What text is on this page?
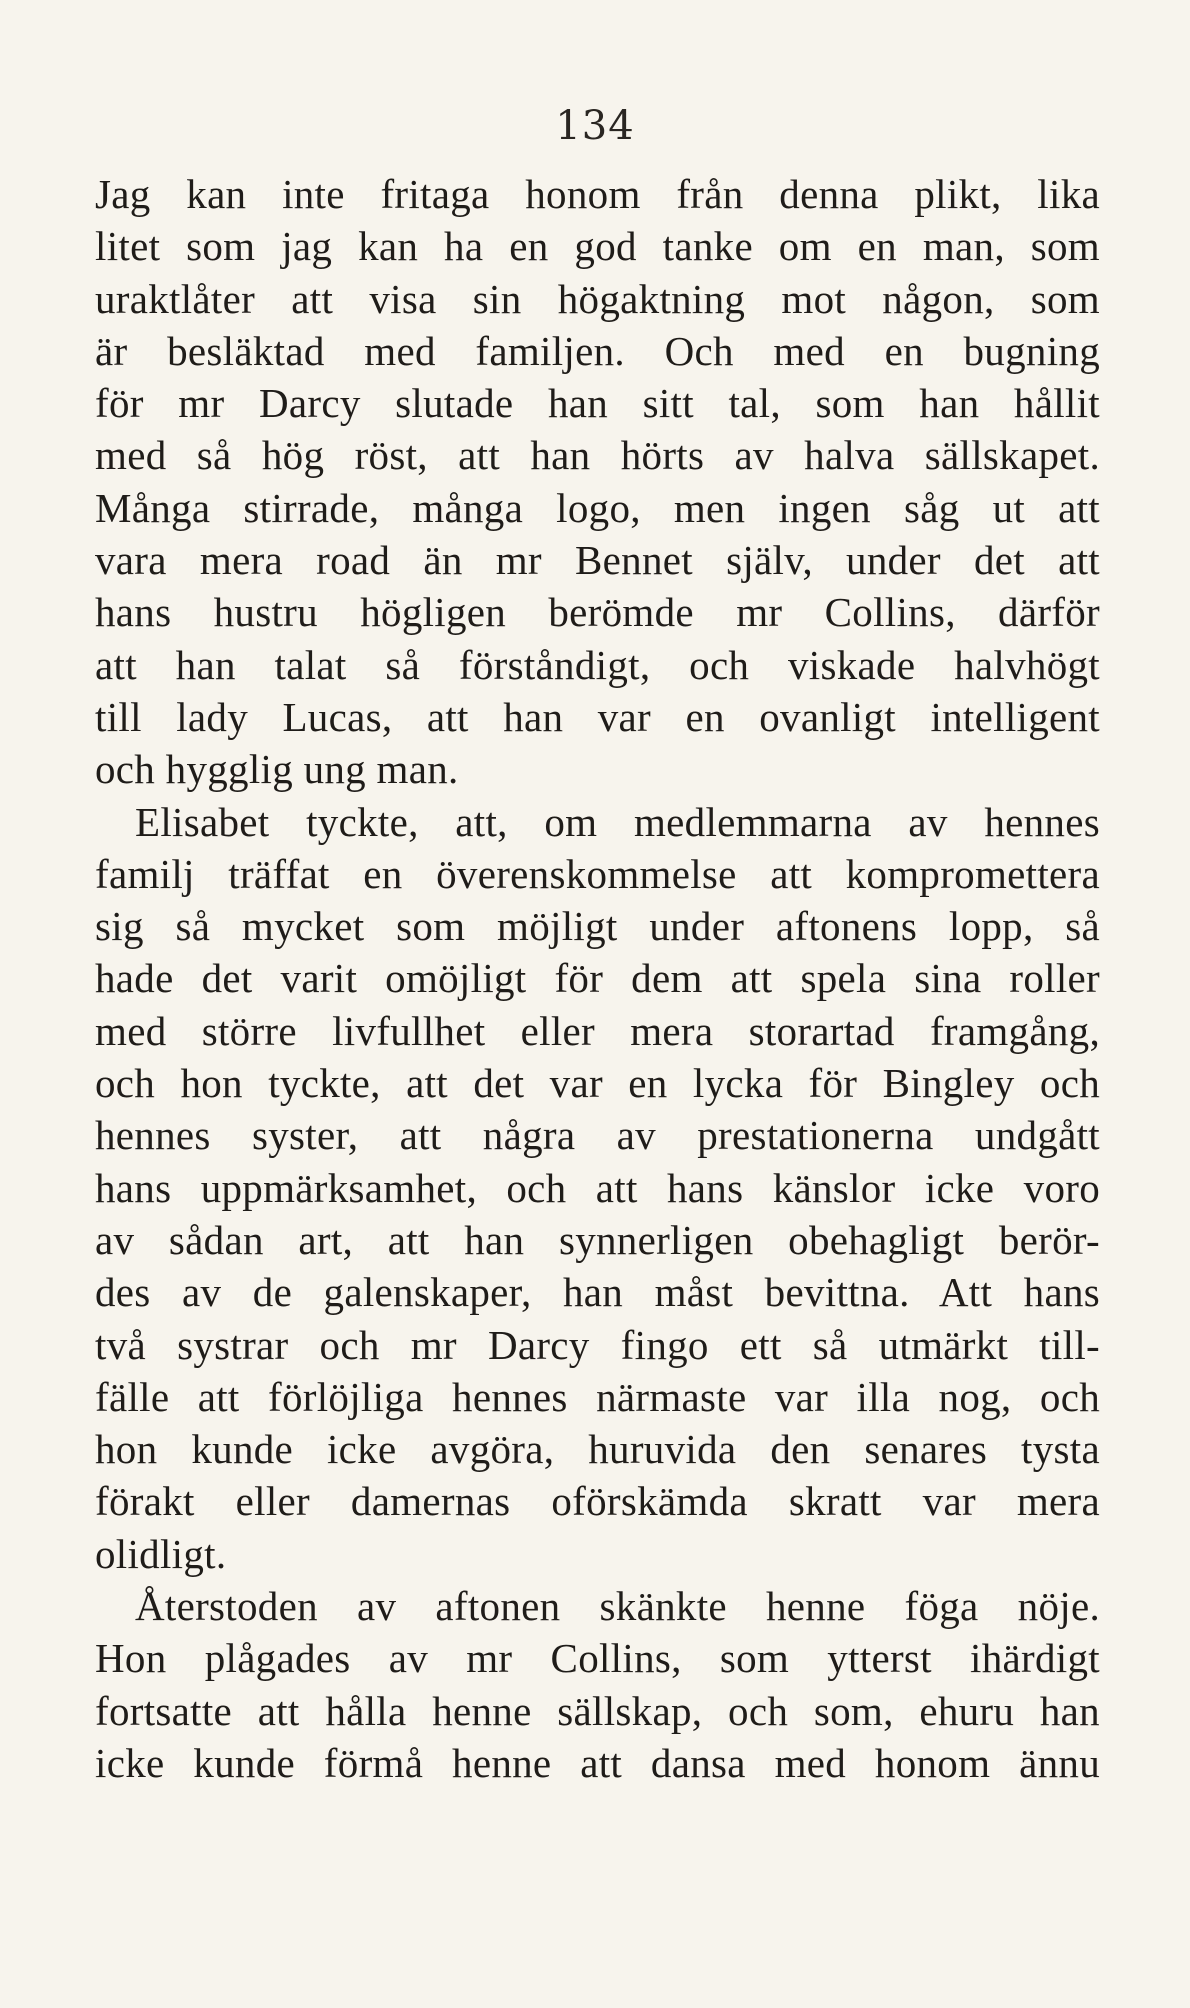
134
Jag kan inte fritaga honom från denna plikt, lika
litet som jag kan ha en god tanke om en man, som
uraktlåter att visa sin högaktning mot någon, som
är besläktad med familjen. Och med en bugning
för mr Darcy slutade han sitt tal, som han hållit
med så hög röst, att han hörts av halva sällskapet.
Många stirrade, många logo, men ingen såg ut att
vara mera road än mr Bennet själv, under det att
hans hustru högligen berömde mr Collins, därför
att han talat så förståndigt, och viskade halvhögt
till lady Lucas, att han var en ovanligt intelligent
och hygglig ung man.
Elisabet tyckte, att, om medlemmarna av hennes
familj träffat en överenskommelse att kompromettera
sig så mycket som möjligt under aftonens lopp, så
hade det varit omöjligt för dem att spela sina roller
med större livfullhet eller mera storartad framgång,
och hon tyckte, att det var en lycka för Bingley och
hennes syster, att några av prestationerna undgått
hans uppmärksamhet, och att hans känslor icke voro
av sådan art, att han synnerligen obehagligt berör-
des av de galenskaper, han måst bevittna. Att hans
två systrar och mr Darcy fingo ett så utmärkt till-
fälle att förlöjliga hennes närmaste var illa nog, och
hon kunde icke avgöra, huruvida den senares tysta
förakt eller damernas oförskämda skratt var mera
olidligt.
Återstoden av aftonen skänkte henne föga nöje.
Hon plågades av mr Collins, som ytterst ihärdigt
fortsatte att hålla henne sällskap, och som, ehuru han
icke kunde förmå henne att dansa med honom ännu
